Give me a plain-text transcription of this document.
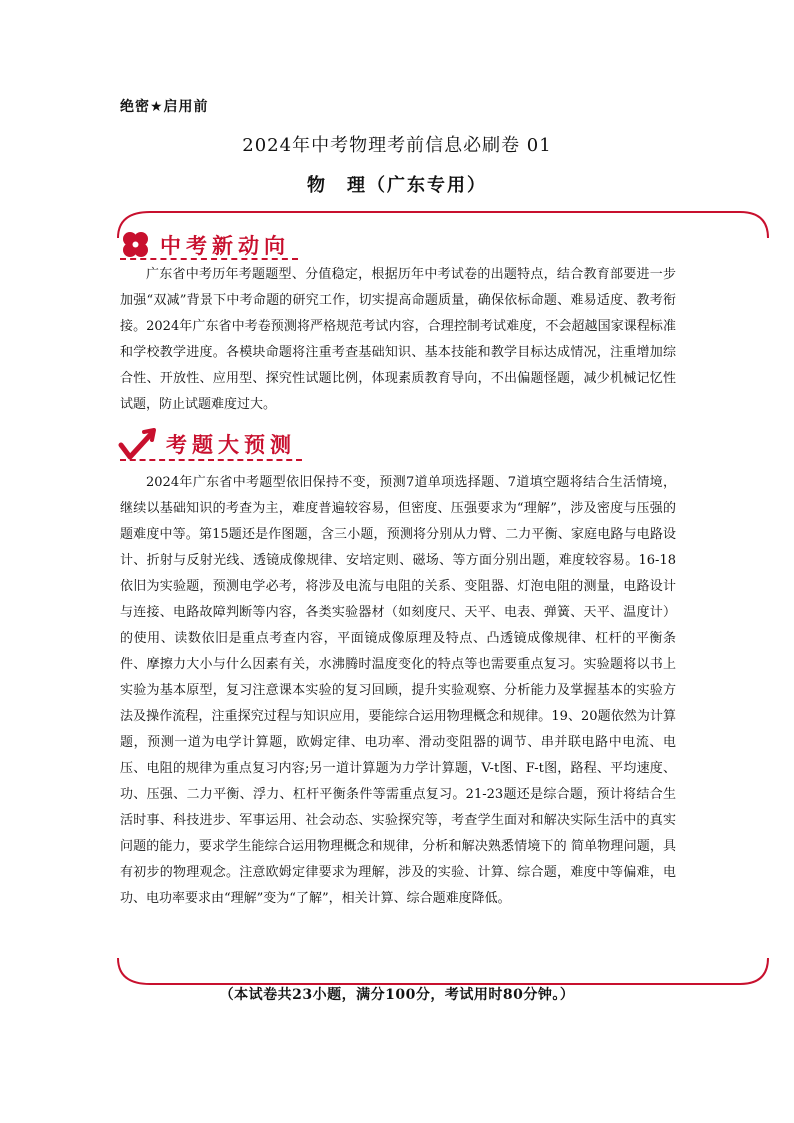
绝密★启用前
2024年中考物理考前信息必刷卷 01
物　理（广东专用）
中考新动向
广东省中考历年考题题型、分值稳定，根据历年中考试卷的出题特点，结合教育部要进一步加强“双减”背景下中考命题的研究工作，切实提高命题质量，确保依标命题、难易适度、教考衔接。2024年广东省中考卷预测将严格规范考试内容，合理控制考试难度，不会超越国家课程标准和学校教学进度。各模块命题将注重考查基础知识、基本技能和教学目标达成情况，注重增加综合性、开放性、应用型、探究性试题比例，体现素质教育导向，不出偏题怪题，减少机械记忆性试题，防止试题难度过大。
考题大预测
2024年广东省中考题型依旧保持不变，预测7道单项选择题、7道填空题将结合生活情境，继续以基础知识的考查为主，难度普遍较容易，但密度、压强要求为“理解”，涉及密度与压强的题难度中等。第15题还是作图题，含三小题，预测将分别从力臂、二力平衡、家庭电路与电路设计、折射与反射光线、透镜成像规律、安培定则、磁场、等方面分别出题，难度较容易。16-18依旧为实验题，预测电学必考，将涉及电流与电阻的关系、变阻器、灯泡电阻的测量，电路设计与连接、电路故障判断等内容，各类实验器材（如刻度尺、天平、电表、弹簧、天平、温度计）的使用、读数依旧是重点考查内容，平面镜成像原理及特点、凸透镜成像规律、杠杆的平衡条件、摩擦力大小与什么因素有关，水沸腾时温度变化的特点等也需要重点复习。实验题将以书上实验为基本原型，复习注意课本实验的复习回顾，提升实验观察、分析能力及掌握基本的实验方法及操作流程，注重探究过程与知识应用，要能综合运用物理概念和规律。19、20题依然为计算题，预测一道为电学计算题，欧姆定律、电功率、滑动变阻器的调节、串并联电路中电流、电压、电阻的规律为重点复习内容;另一道计算题为力学计算题，V-t图、F-t图，路程、平均速度、功、压强、二力平衡、浮力、杠杆平衡条件等需重点复习。21-23题还是综合题，预计将结合生活时事、科技进步、军事运用、社会动态、实验探究等，考查学生面对和解决实际生活中的真实问题的能力，要求学生能综合运用物理概念和规律，分析和解决熟悉情境下的 简单物理问题，具有初步的物理观念。注意欧姆定律要求为理解，涉及的实验、计算、综合题，难度中等偏难，电功、电功率要求由“理解”变为“了解”，相关计算、综合题难度降低。
（本试卷共23小题，满分100分，考试用时80分钟。）
